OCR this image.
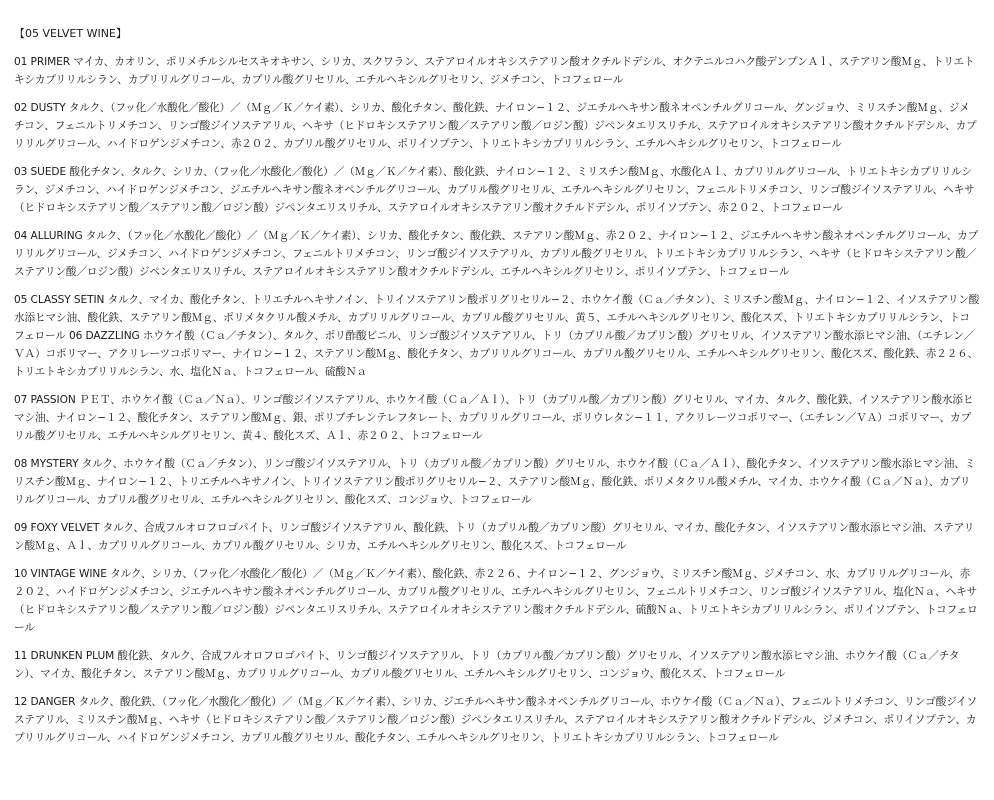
【05 VELVET WINE】

01 PRIMER マイカ、カオリン、ポリメチルシルセスキオキサン、シリカ、スクワラン、ステアロイルオキシステアリン酸オクチルドデシル、オクテニルコハク酸デンプンＡｌ、ステアリン酸Ｍｇ、トリエトキシカプリリルシラン、カプリリルグリコール、カプリル酸グリセリル、エチルヘキシルグリセリン、ジメチコン、トコフェロール

02 DUSTY タルク、（フッ化／水酸化／酸化）／（Ｍｇ／Ｋ／ケイ素）、シリカ、酸化チタン、酸化鉄、ナイロン−１２、ジエチルヘキサン酸ネオペンチルグリコール、グンジョウ、ミリスチン酸Ｍｇ、ジメチコン、フェニルトリメチコン、リンゴ酸ジイソステアリル、ヘキサ（ヒドロキシステアリン酸／ステアリン酸／ロジン酸）ジペンタエリスリチル、ステアロイルオキシステアリン酸オクチルドデシル、カプリリルグリコール、ハイドロゲンジメチコン、赤２０２、カプリル酸グリセリル、ポリイソプテン、トリエトキシカプリリルシラン、エチルヘキシルグリセリン、トコフェロール

03 SUEDE 酸化チタン、タルク、シリカ、（フッ化／水酸化／酸化）／（Ｍｇ／Ｋ／ケイ素）、酸化鉄、ナイロン−１２、ミリスチン酸Ｍｇ、水酸化Ａｌ、カプリリルグリコール、トリエトキシカプリリルシラン、ジメチコン、ハイドロゲンジメチコン、ジエチルヘキサン酸ネオペンチルグリコール、カプリル酸グリセリル、エチルヘキシルグリセリン、フェニルトリメチコン、リンゴ酸ジイソステアリル、ヘキサ（ヒドロキシステアリン酸／ステアリン酸／ロジン酸）ジペンタエリスリチル、ステアロイルオキシステアリン酸オクチルドデシル、ポリイソプテン、赤２０２、トコフェロール

04 ALLURING タルク、（フッ化／水酸化／酸化）／（Ｍｇ／Ｋ／ケイ素）、シリカ、酸化チタン、酸化鉄、ステアリン酸Ｍｇ、赤２０２、ナイロン−１２、ジエチルヘキサン酸ネオペンチルグリコール、カプリリルグリコール、ジメチコン、ハイドロゲンジメチコン、フェニルトリメチコン、リンゴ酸ジイソステアリル、カプリル酸グリセリル、トリエトキシカプリリルシラン、ヘキサ（ヒドロキシステアリン酸／ステアリン酸／ロジン酸）ジペンタエリスリチル、ステアロイルオキシステアリン酸オクチルドデシル、エチルヘキシルグリセリン、ポリイソプテン、トコフェロール

05 CLASSY SETIN タルク、マイカ、酸化チタン、トリエチルヘキサノイン、トリイソステアリン酸ポリグリセリル−２、ホウケイ酸（Ｃａ／チタン）、ミリスチン酸Ｍｇ、ナイロン−１２、イソステアリン酸水添ヒマシ油、酸化鉄、ステアリン酸Ｍｇ、ポリメタクリル酸メチル、カプリリルグリコール、カプリル酸グリセリル、黄５、エチルヘキシルグリセリン、酸化スズ、トリエトキシカプリリルシラン、トコフェロール 06 DAZZLING ホウケイ酸（Ｃａ／チタン）、タルク、ポリ酢酸ビニル、リンゴ酸ジイソステアリル、トリ（カプリル酸／カプリン酸）グリセリル、イソステアリン酸水添ヒマシ油、（エチレン／ＶＡ）コポリマー、アクリレーツコポリマー、ナイロン−１２、ステアリン酸Ｍｇ、酸化チタン、カプリリルグリコール、カプリル酸グリセリル、エチルヘキシルグリセリン、酸化スズ、酸化鉄、赤２２６、トリエトキシカプリリルシラン、水、塩化Ｎａ、トコフェロール、硫酸Ｎａ

07 PASSION ＰＥＴ、ホウケイ酸（Ｃａ／Ｎａ）、リンゴ酸ジイソステアリル、ホウケイ酸（Ｃａ／Ａｌ）、トリ（カプリル酸／カプリン酸）グリセリル、マイカ、タルク、酸化鉄、イソステアリン酸水添ヒマシ油、ナイロン−１２、酸化チタン、ステアリン酸Ｍｇ、銀、ポリブチレンテレフタレート、カプリリルグリコール、ポリウレタン−１１、アクリレーツコポリマー、（エチレン／ＶＡ）コポリマー、カプリル酸グリセリル、エチルヘキシルグリセリン、黄４、酸化スズ、Ａｌ、赤２０２、トコフェロール

08 MYSTERY タルク、ホウケイ酸（Ｃａ／チタン）、リンゴ酸ジイソステアリル、トリ（カプリル酸／カプリン酸）グリセリル、ホウケイ酸（Ｃａ／Ａｌ）、酸化チタン、イソステアリン酸水添ヒマシ油、ミリスチン酸Ｍｇ、ナイロン−１２、トリエチルヘキサノイン、トリイソステアリン酸ポリグリセリル−２、ステアリン酸Ｍｇ、酸化鉄、ポリメタクリル酸メチル、マイカ、ホウケイ酸（Ｃａ／Ｎａ）、カプリリルグリコール、カプリル酸グリセリル、エチルヘキシルグリセリン、酸化スズ、コンジョウ、トコフェロール

09 FOXY VELVET タルク、合成フルオロフロゴパイト、リンゴ酸ジイソステアリル、酸化鉄、トリ（カプリル酸／カプリン酸）グリセリル、マイカ、酸化チタン、イソステアリン酸水添ヒマシ油、ステアリン酸Ｍｇ、Ａｌ、カプリリルグリコール、カプリル酸グリセリル、シリカ、エチルヘキシルグリセリン、酸化スズ、トコフェロール

10 VINTAGE WINE タルク、シリカ、（フッ化／水酸化／酸化）／（Ｍｇ／Ｋ／ケイ素）、酸化鉄、赤２２６、ナイロン−１２、グンジョウ、ミリスチン酸Ｍｇ、ジメチコン、水、カプリリルグリコール、赤２０２、ハイドロゲンジメチコン、ジエチルヘキサン酸ネオペンチルグリコール、カプリル酸グリセリル、エチルヘキシルグリセリン、フェニルトリメチコン、リンゴ酸ジイソステアリル、塩化Ｎａ、ヘキサ（ヒドロキシステアリン酸／ステアリン酸／ロジン酸）ジペンタエリスリチル、ステアロイルオキシステアリン酸オクチルドデシル、硫酸Ｎａ、トリエトキシカプリリルシラン、ポリイソプテン、トコフェロール

11 DRUNKEN PLUM 酸化鉄、タルク、合成フルオロフロゴパイト、リンゴ酸ジイソステアリル、トリ（カプリル酸／カプリン酸）グリセリル、イソステアリン酸水添ヒマシ油、ホウケイ酸（Ｃａ／チタン）、マイカ、酸化チタン、ステアリン酸Ｍｇ、カプリリルグリコール、カプリル酸グリセリル、エチルヘキシルグリセリン、コンジョウ、酸化スズ、トコフェロール

12 DANGER タルク、酸化鉄、（フッ化／水酸化／酸化）／（Ｍｇ／Ｋ／ケイ素）、シリカ、ジエチルヘキサン酸ネオペンチルグリコール、ホウケイ酸（Ｃａ／Ｎａ）、フェニルトリメチコン、リンゴ酸ジイソステアリル、ミリスチン酸Ｍｇ、ヘキサ（ヒドロキシステアリン酸／ステアリン酸／ロジン酸）ジペンタエリスリチル、ステアロイルオキシステアリン酸オクチルドデシル、ジメチコン、ポリイソプテン、カプリリルグリコール、ハイドロゲンジメチコン、カプリル酸グリセリル、酸化チタン、エチルヘキシルグリセリン、トリエトキシカプリリルシラン、トコフェロール
